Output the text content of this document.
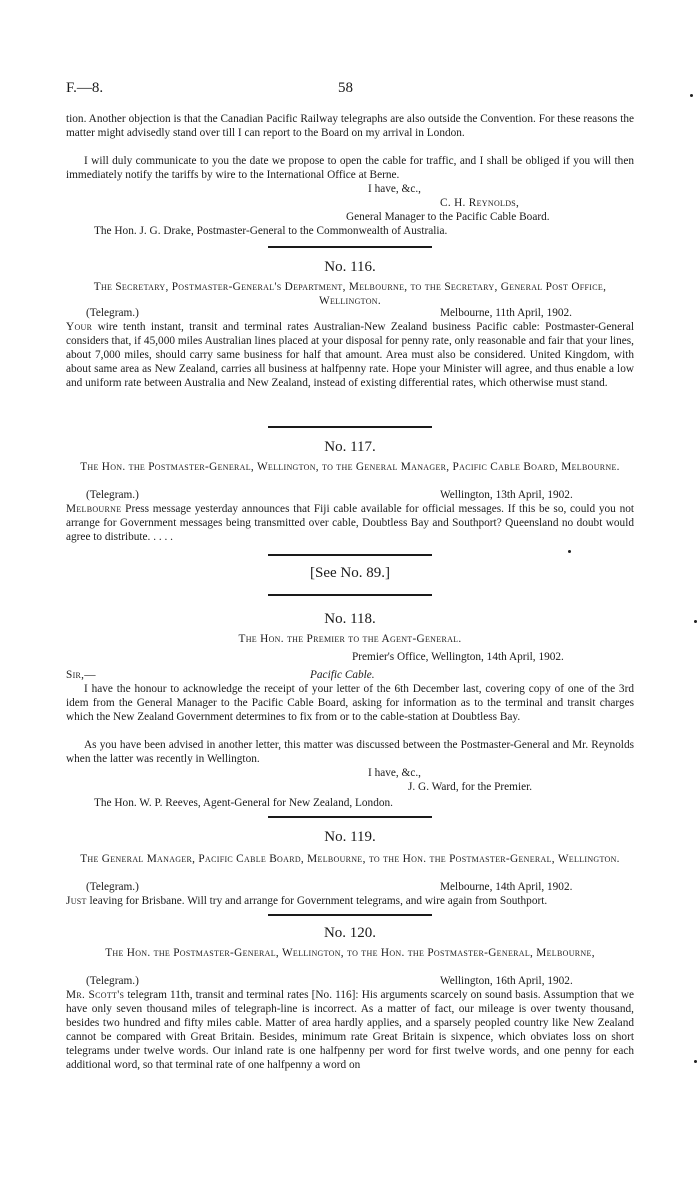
F.—8.	58
tion. Another objection is that the Canadian Pacific Railway telegraphs are also outside the Convention. For these reasons the matter might advisedly stand over till I can report to the Board on my arrival in London.
I will duly communicate to you the date we propose to open the cable for traffic, and I shall be obliged if you will then immediately notify the tariffs by wire to the International Office at Berne.
I have, &c.,
C. H. Reynolds,
General Manager to the Pacific Cable Board.
The Hon. J. G. Drake, Postmaster-General to the Commonwealth of Australia.
No. 116.
The Secretary, Postmaster-General's Department, Melbourne, to the Secretary, General Post Office, Wellington.
(Telegram.)	Melbourne, 11th April, 1902.
Your wire tenth instant, transit and terminal rates Australian-New Zealand business Pacific cable: Postmaster-General considers that, if 45,000 miles Australian lines placed at your disposal for penny rate, only reasonable and fair that your lines, about 7,000 miles, should carry same business for half that amount. Area must also be considered. United Kingdom, with about same area as New Zealand, carries all business at halfpenny rate. Hope your Minister will agree, and thus enable a low and uniform rate between Australia and New Zealand, instead of existing differential rates, which otherwise must stand.
No. 117.
The Hon. the Postmaster-General, Wellington, to the General Manager, Pacific Cable Board, Melbourne.
(Telegram.)	Wellington, 13th April, 1902.
Melbourne Press message yesterday announces that Fiji cable available for official messages. If this be so, could you not arrange for Government messages being transmitted over cable, Doubtless Bay and Southport? Queensland no doubt would agree to distribute. . . . .
[See No. 89.]
No. 118.
The Hon. the Premier to the Agent-General.
Premier's Office, Wellington, 14th April, 1902.
Sir,—	Pacific Cable.
I have the honour to acknowledge the receipt of your letter of the 6th December last, covering copy of one of the 3rd idem from the General Manager to the Pacific Cable Board, asking for information as to the terminal and transit charges which the New Zealand Government determines to fix from or to the cable-station at Doubtless Bay.
As you have been advised in another letter, this matter was discussed between the Postmaster-General and Mr. Reynolds when the latter was recently in Wellington.
I have, &c.,
J. G. Ward, for the Premier.
The Hon. W. P. Reeves, Agent-General for New Zealand, London.
No. 119.
The General Manager, Pacific Cable Board, Melbourne, to the Hon. the Postmaster-General, Wellington.
(Telegram.)	Melbourne, 14th April, 1902.
Just leaving for Brisbane. Will try and arrange for Government telegrams, and wire again from Southport.
No. 120.
The Hon. the Postmaster-General, Wellington, to the Hon. the Postmaster-General, Melbourne,
(Telegram.)	Wellington, 16th April, 1902.
Mr. Scott's telegram 11th, transit and terminal rates [No. 116]: His arguments scarcely on sound basis. Assumption that we have only seven thousand miles of telegraph-line is incorrect. As a matter of fact, our mileage is over twenty thousand, besides two hundred and fifty miles cable. Matter of area hardly applies, and a sparsely peopled country like New Zealand cannot be compared with Great Britain. Besides, minimum rate Great Britain is sixpence, which obviates loss on short telegrams under twelve words. Our inland rate is one halfpenny per word for first twelve words, and one penny for each additional word, so that terminal rate of one halfpenny a word on
